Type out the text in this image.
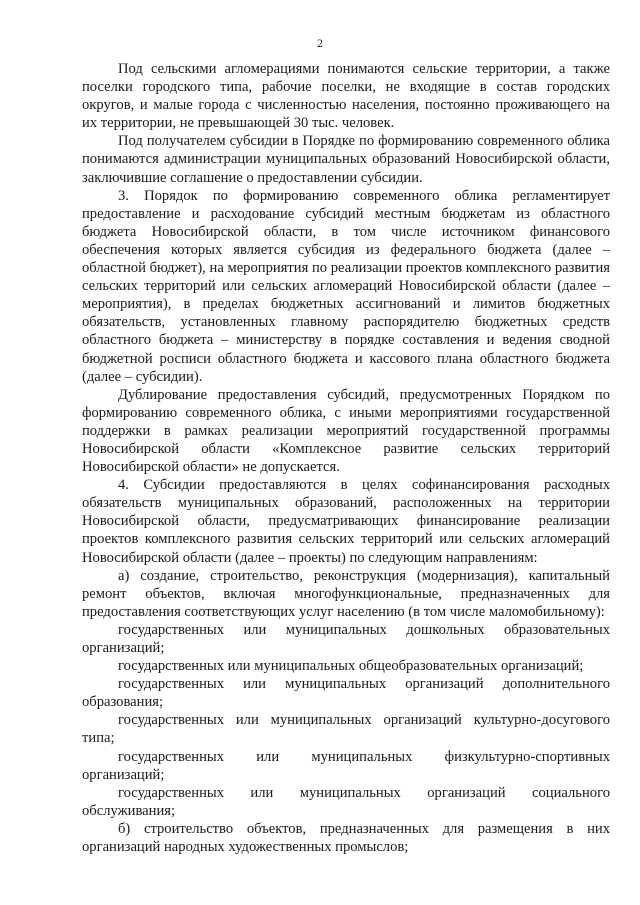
2

Под сельскими агломерациями понимаются сельские территории, а также поселки городского типа, рабочие поселки, не входящие в состав городских округов, и малые города с численностью населения, постоянно проживающего на их территории, не превышающей 30 тыс. человек.

Под получателем субсидии в Порядке по формированию современного облика понимаются администрации муниципальных образований Новосибирской области, заключившие соглашение о предоставлении субсидии.

3. Порядок по формированию современного облика регламентирует предоставление и расходование субсидий местным бюджетам из областного бюджета Новосибирской области, в том числе источником финансового обеспечения которых является субсидия из федерального бюджета (далее – областной бюджет), на мероприятия по реализации проектов комплексного развития сельских территорий или сельских агломераций Новосибирской области (далее – мероприятия), в пределах бюджетных ассигнований и лимитов бюджетных обязательств, установленных главному распорядителю бюджетных средств областного бюджета – министерству в порядке составления и ведения сводной бюджетной росписи областного бюджета и кассового плана областного бюджета (далее – субсидии).

Дублирование предоставления субсидий, предусмотренных Порядком по формированию современного облика, с иными мероприятиями государственной поддержки в рамках реализации мероприятий государственной программы Новосибирской области «Комплексное развитие сельских территорий Новосибирской области» не допускается.

4. Субсидии предоставляются в целях софинансирования расходных обязательств муниципальных образований, расположенных на территории Новосибирской области, предусматривающих финансирование реализации проектов комплексного развития сельских территорий или сельских агломераций Новосибирской области (далее – проекты) по следующим направлениям:

а) создание, строительство, реконструкция (модернизация), капитальный ремонт объектов, включая многофункциональные, предназначенных для предоставления соответствующих услуг населению (в том числе маломобильному):

государственных или муниципальных дошкольных образовательных организаций;

государственных или муниципальных общеобразовательных организаций;

государственных или муниципальных организаций дополнительного образования;

государственных или муниципальных организаций культурно-досугового типа;

государственных или муниципальных физкультурно-спортивных организаций;

государственных или муниципальных организаций социального обслуживания;

б) строительство объектов, предназначенных для размещения в них организаций народных художественных промыслов;
